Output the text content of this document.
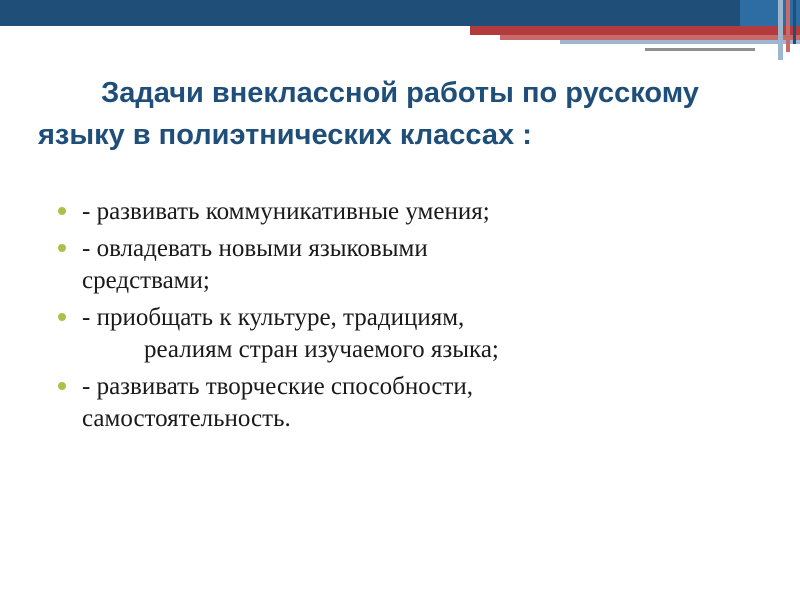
Задачи внеклассной работы по русскому
языку в полиэтнических классах :
- развивать коммуникативные умения;
- овладевать новыми языковыми
средствами;
- приобщать к культуре, традициям,
реалиям стран изучаемого языка;
- развивать творческие способности,
самостоятельность.
